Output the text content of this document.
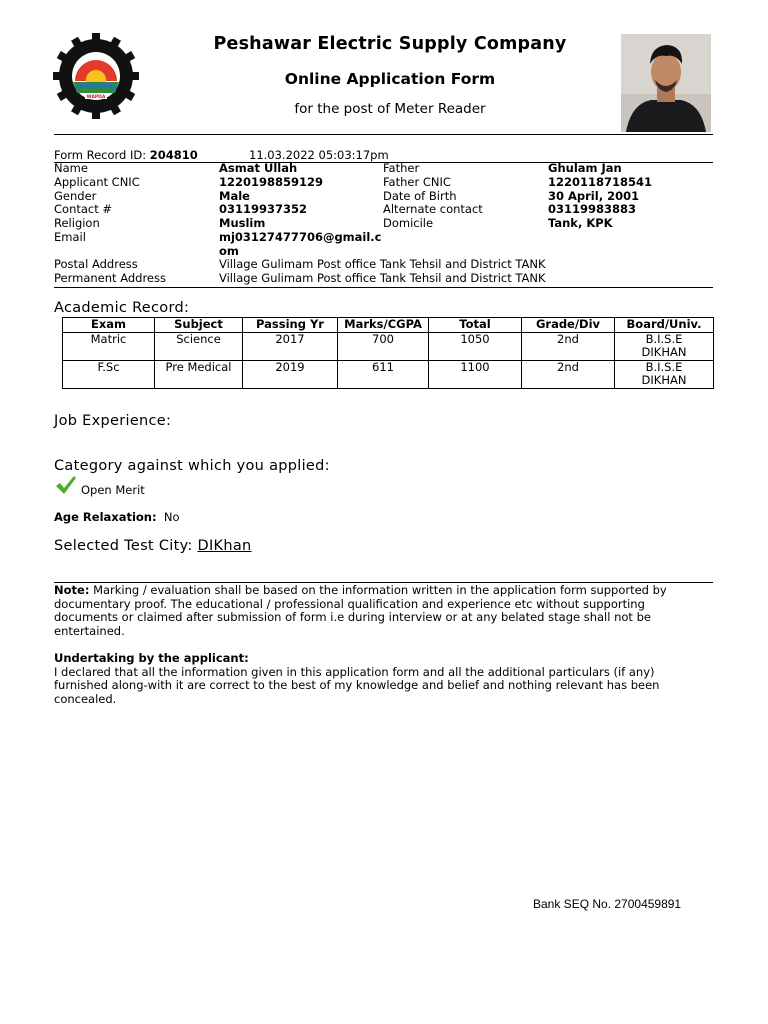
WAPDA
Peshawar Electric Supply Company
Online Application Form
for the post of Meter Reader
Form Record ID: 204810	11.03.2022 05:03:17pm
Name	Asmat Ullah	Father	Ghulam Jan
Applicant CNIC	1220198859129	Father CNIC	1220118718541
Gender	Male	Date of Birth	30 April, 2001
Contact #	03119937352	Alternate contact	03119983883
Religion	Muslim	Domicile	Tank, KPK
Email	mj03127477706@gmail.c
om
Postal Address	Village Gulimam Post office Tank Tehsil and District TANK
Permanent Address	Village Gulimam Post office Tank Tehsil and District TANK
Academic Record:
Exam	Subject	Passing Yr	Marks/CGPA	Total	Grade/Div	Board/Univ.
Matric	Science	2017	700	1050	2nd	B.I.S.E
DIKHAN

F.Sc	Pre Medical	2019	611	1100	2nd	B.I.S.E
DIKHAN
Job Experience:
Category against which you applied:
Open Merit
Age Relaxation: No
Selected Test City: DIKhan
Note: Marking / evaluation shall be based on the information written in the application form supported by documentary proof. The educational / professional qualification and experience etc without supporting documents or claimed after submission of form i.e during interview or at any belated stage shall not be entertained.
Undertaking by the applicant:
I declared that all the information given in this application form and all the additional particulars (if any) furnished along-with it are correct to the best of my knowledge and belief and nothing relevant has been concealed.
Bank SEQ No. 2700459891
